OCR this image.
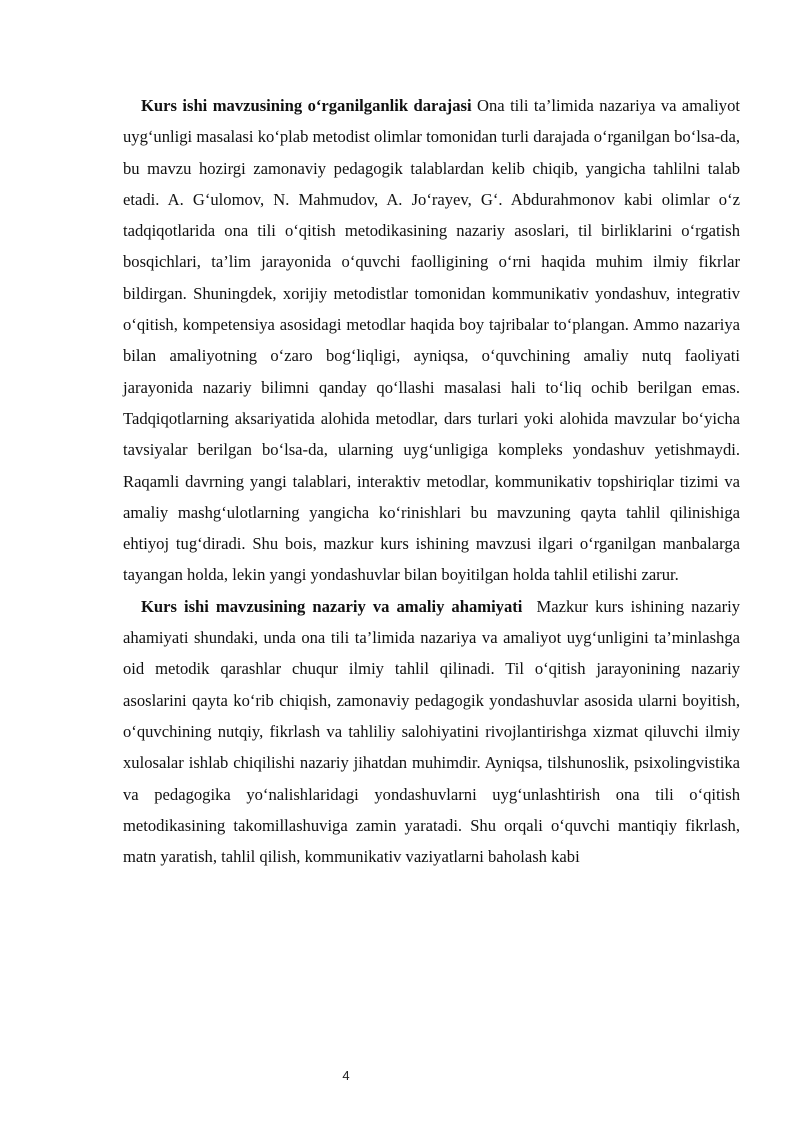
Kurs ishi mavzusining o‘rganilganlik darajasi Ona tili ta’limida nazariya va amaliyot uyg‘unligi masalasi ko‘plab metodist olimlar tomonidan turli darajada o‘rganilgan bo‘lsa-da, bu mavzu hozirgi zamonaviy pedagogik talablardan kelib chiqib, yangicha tahlilni talab etadi. A. G‘ulomov, N. Mahmudov, A. Jo‘rayev, G‘. Abdurahmonov kabi olimlar o‘z tadqiqotlarida ona tili o‘qitish metodikasining nazariy asoslari, til birliklarini o‘rgatish bosqichlari, ta’lim jarayonida o‘quvchi faolligining o‘rni haqida muhim ilmiy fikrlar bildirgan. Shuningdek, xorijiy metodistlar tomonidan kommunikativ yondashuv, integrativ o‘qitish, kompetensiya asosidagi metodlar haqida boy tajribalar to‘plangan. Ammo nazariya bilan amaliyotning o‘zaro bog‘liqligi, ayniqsa, o‘quvchining amaliy nutq faoliyati jarayonida nazariy bilimni qanday qo‘llashi masalasi hali to‘liq ochib berilgan emas. Tadqiqotlarning aksariyatida alohida metodlar, dars turlari yoki alohida mavzular bo‘yicha tavsiyalar berilgan bo‘lsa-da, ularning uyg‘unligiga kompleks yondashuv yetishmaydi. Raqamli davrning yangi talablari, interaktiv metodlar, kommunikativ topshiriqlar tizimi va amaliy mashg‘ulotlarning yangicha ko‘rinishlari bu mavzuning qayta tahlil qilinishiga ehtiyoj tug‘diradi. Shu bois, mazkur kurs ishining mavzusi ilgari o‘rganilgan manbalarga tayangan holda, lekin yangi yondashuvlar bilan boyitilgan holda tahlil etilishi zarur.

Kurs ishi mavzusining nazariy va amaliy ahamiyati Mazkur kurs ishining nazariy ahamiyati shundaki, unda ona tili ta’limida nazariya va amaliyot uyg‘unligini ta’minlashga oid metodik qarashlar chuqur ilmiy tahlil qilinadi. Til o‘qitish jarayonining nazariy asoslarini qayta ko‘rib chiqish, zamonaviy pedagogik yondashuvlar asosida ularni boyitish, o‘quvchining nutqiy, fikrlash va tahliliy salohiyatini rivojlantirishga xizmat qiluvchi ilmiy xulosalar ishlab chiqilishi nazariy jihatdan muhimdir. Ayniqsa, tilshunoslik, psixolingvistika va pedagogika yo‘nalishlaridagi yondashuvlarni uyg‘unlashtirish ona tili o‘qitish metodikasining takomillashuviga zamin yaratadi. Shu orqali o‘quvchi mantiqiy fikrlash, matn yaratish, tahlil qilish, kommunikativ vaziyatlarni baholash kabi

4
